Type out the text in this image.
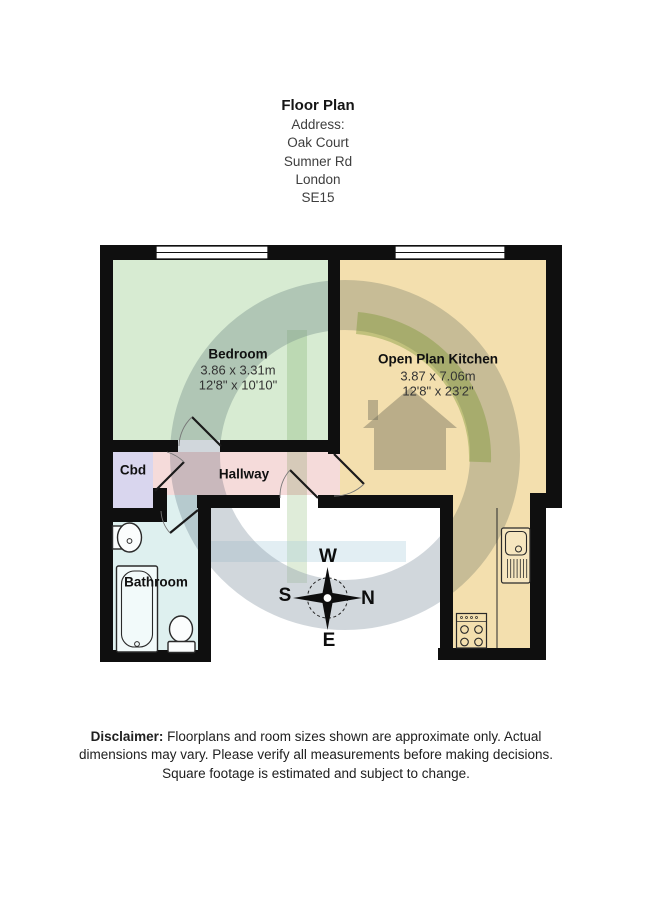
Floor Plan
Address:
Oak Court
Sumner Rd
London
SE15
Bedroom
3.86 x 3.31m
12'8" x 10'10"
Open Plan Kitchen
3.87 x 7.06m
12'8" x 23'2"
Cbd	Hallway
Bathroom
W
S	N
E
Disclaimer: Floorplans and room sizes shown are approximate only. Actual
dimensions may vary. Please verify all measurements before making decisions.
Square footage is estimated and subject to change.
